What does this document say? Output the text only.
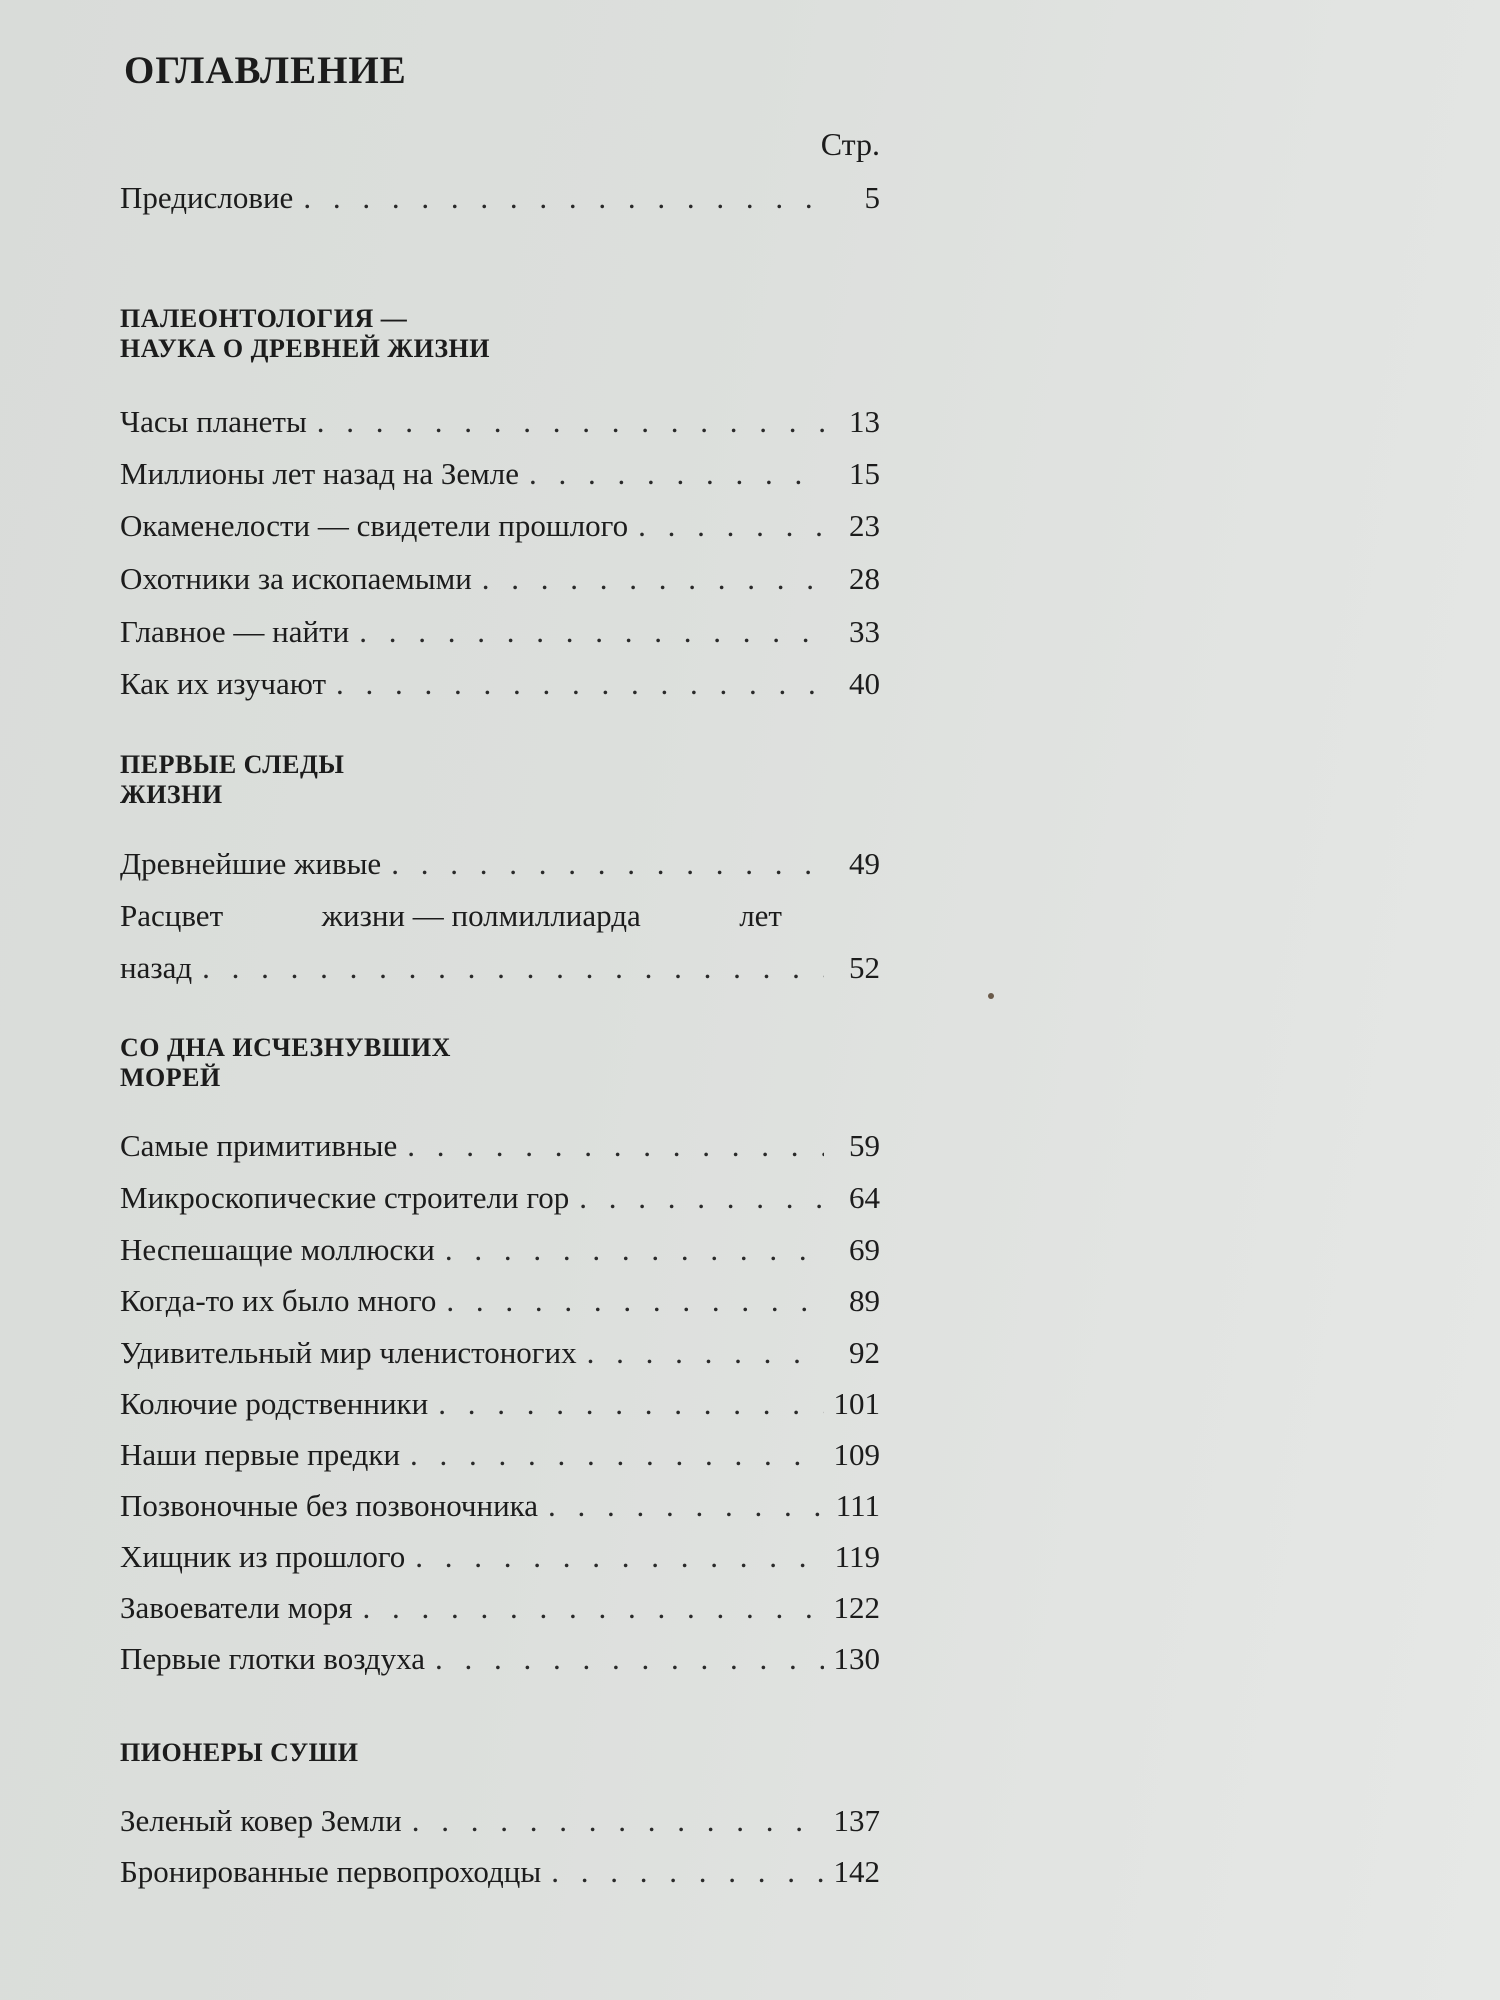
ОГЛАВЛЕНИЕ
Стр.
Предисловие . . .	5
ПАЛЕОНТОЛОГИЯ —
НАУКА О ДРЕВНЕЙ ЖИЗНИ
Часы планеты . . .	13
Миллионы лет назад на Земле . . .	15
Окаменелости — свидетели прошлого . . .	23
Охотники за ископаемыми . . .	28
Главное — найти . . .	33
Как их изучают . . .	40
ПЕРВЫЕ СЛЕДЫ
ЖИЗНИ
Древнейшие живые . . .	49
Расцвет	жизни — полмиллиарда	лет
назад . . .	52
СО ДНА ИСЧЕЗНУВШИХ
МОРЕЙ
Самые примитивные . . .	59
Микроскопические строители гор . . .	64
Неспешащие моллюски . . .	69
Когда-то их было много . . .	89
Удивительный мир членистоногих . . .	92
Колючие родственники . . .	101
Наши первые предки . . .	109
Позвоночные без позвоночника . . .	111
Хищник из прошлого . . .	119
Завоеватели моря . . .	122
Первые глотки воздуха . . .	130
ПИОНЕРЫ СУШИ
Зеленый ковер Земли . . .	137
Бронированные первопроходцы . . .	142
